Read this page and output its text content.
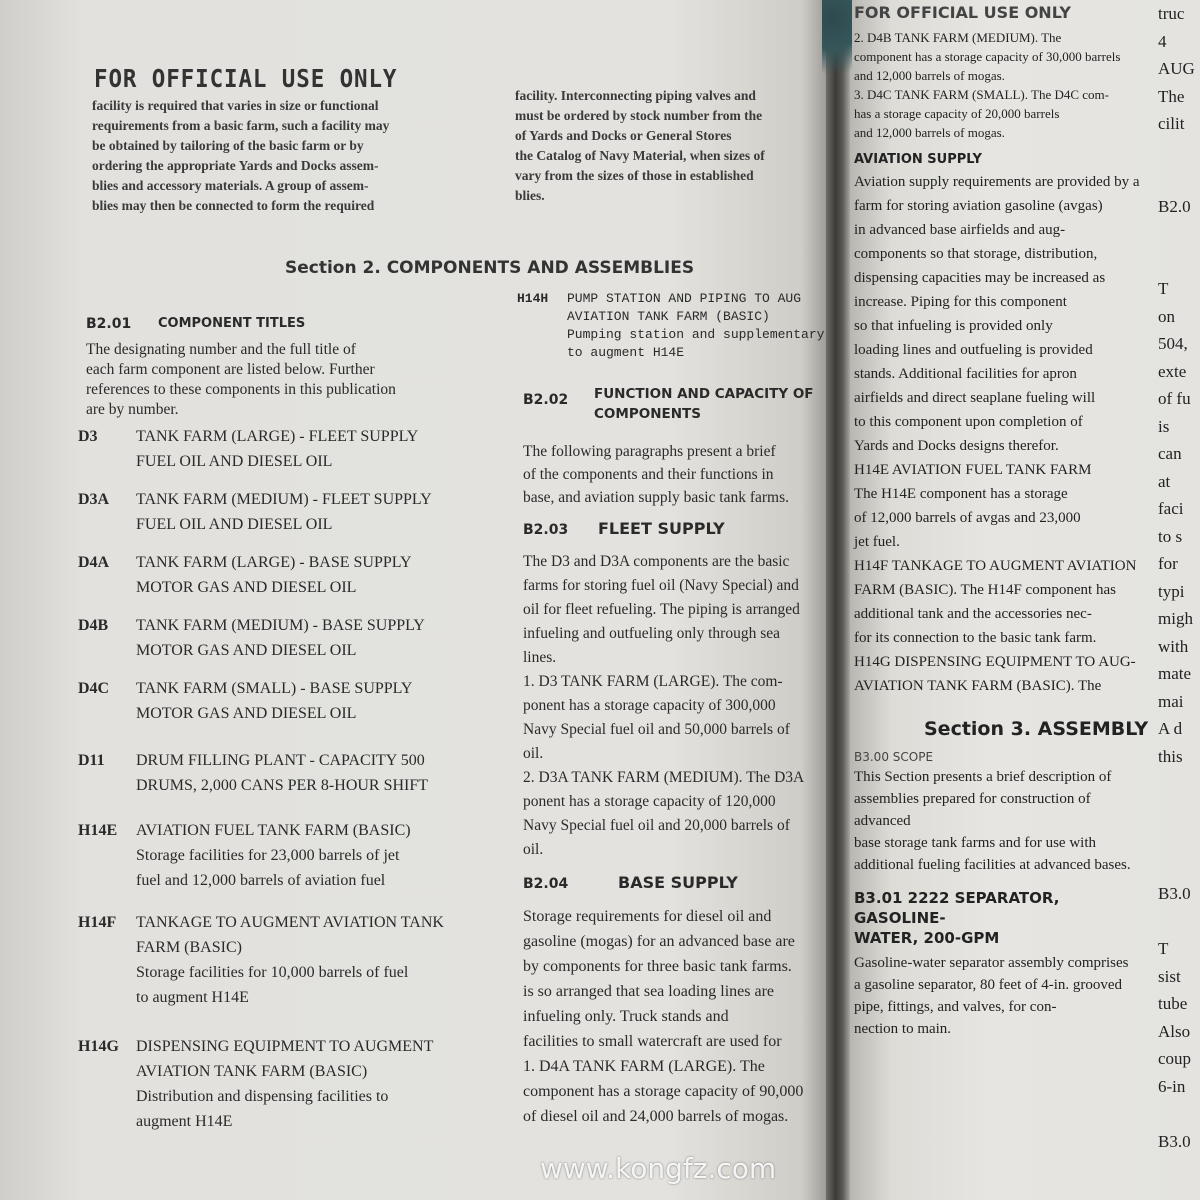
FOR OFFICIAL USE ONLY
facility is required that varies in size or functional
requirements from a basic farm, such a facility may
be obtained by tailoring of the basic farm or by
ordering the appropriate Yards and Docks assem-
blies and accessory materials. A group of assem-
blies may then be connected to form the required
facility. Interconnecting piping valves and
must be ordered by stock number from the
of Yards and Docks or General Stores
the Catalog of Navy Material, when sizes of
vary from the sizes of those in established
blies.
Section 2. COMPONENTS AND ASSEMBLIES
B2.01 COMPONENT TITLES
The designating number and the full title of
each farm component are listed below. Further
references to these components in this publication
are by number.
D3 TANK FARM (LARGE) - FLEET SUPPLY
FUEL OIL AND DIESEL OIL
D3A TANK FARM (MEDIUM) - FLEET SUPPLY
FUEL OIL AND DIESEL OIL
D4A TANK FARM (LARGE) - BASE SUPPLY
MOTOR GAS AND DIESEL OIL
D4B TANK FARM (MEDIUM) - BASE SUPPLY
MOTOR GAS AND DIESEL OIL
D4C TANK FARM (SMALL) - BASE SUPPLY
MOTOR GAS AND DIESEL OIL
D11 DRUM FILLING PLANT - CAPACITY 500
DRUMS, 2,000 CANS PER 8-HOUR SHIFT
H14E AVIATION FUEL TANK FARM (BASIC)
Storage facilities for 23,000 barrels of jet
fuel and 12,000 barrels of aviation fuel
H14F TANKAGE TO AUGMENT AVIATION TANK
FARM (BASIC)
Storage facilities for 10,000 barrels of fuel
to augment H14E
H14G DISPENSING EQUIPMENT TO AUGMENT
AVIATION TANK FARM (BASIC)
Distribution and dispensing facilities to
augment H14E
H14H PUMP STATION AND PIPING TO AUG
AVIATION TANK FARM (BASIC)
Pumping station and supplementary
to augment H14E
B2.02 FUNCTION AND CAPACITY OF
COMPONENTS
The following paragraphs present a brief
of the components and their functions in
base, and aviation supply basic tank farms.
B2.03 FLEET SUPPLY
The D3 and D3A components are the basic
farms for storing fuel oil (Navy Special) and
oil for fleet refueling. The piping is arranged
infueling and outfueling only through sea
lines.
1. D3 TANK FARM (LARGE). The com-
ponent has a storage capacity of 300,000
Navy Special fuel oil and 50,000 barrels of
oil.
2. D3A TANK FARM (MEDIUM). The D3A
ponent has a storage capacity of 120,000
Navy Special fuel oil and 20,000 barrels of
oil.
B2.04	BASE SUPPLY
Storage requirements for diesel oil and
gasoline (mogas) for an advanced base are
by components for three basic tank farms.
is so arranged that sea loading lines are
infueling only. Truck stands and
facilities to small watercraft are used for
1. D4A TANK FARM (LARGE). The
component has a storage capacity of 90,000
of diesel oil and 24,000 barrels of mogas.
www.kongfz.com
FOR OFFICIAL USE ONLY
2. D4B TANK FARM (MEDIUM). The
component has a storage capacity of 30,000 barrels
and 12,000 barrels of mogas.
3. D4C TANK FARM (SMALL). The D4C com-
has a storage capacity of 20,000 barrels
and 12,000 barrels of mogas.
AVIATION SUPPLY
Aviation supply requirements are provided by a
farm for storing aviation gasoline (avgas)
in advanced base airfields and aug-
components so that storage, distribution,
dispensing capacities may be increased as
increase. Piping for this component
so that infueling is provided only
loading lines and outfueling is provided
stands. Additional facilities for apron
airfields and direct seaplane fueling will
to this component upon completion of
Yards and Docks designs therefor.
H14E AVIATION FUEL TANK FARM
The H14E component has a storage
of 12,000 barrels of avgas and 23,000
jet fuel.
H14F TANKAGE TO AUGMENT AVIATION
FARM (BASIC). The H14F component has
additional tank and the accessories nec-
for its connection to the basic tank farm.
H14G DISPENSING EQUIPMENT TO AUG-
AVIATION TANK FARM (BASIC). The
Section 3. ASSEMBLY
B3.00 SCOPE
This Section presents a brief description of
assemblies prepared for construction of advanced
base storage tank farms and for use with
additional fueling facilities at advanced bases.
B3.01 2222 SEPARATOR, GASOLINE-
WATER, 200-GPM
Gasoline-water separator assembly comprises
a gasoline separator, 80 feet of 4-in. grooved
pipe, fittings, and valves, for con-
nection to main.
truc
4
AUG
The
cilit

B2.0

T
on
504,
exte
of fu
is
can
at
faci
to s
for
typi
migh
with
mate
mai
A d
this

B3.0

T
sist
tube
Also
coup
6-in

B3.0
